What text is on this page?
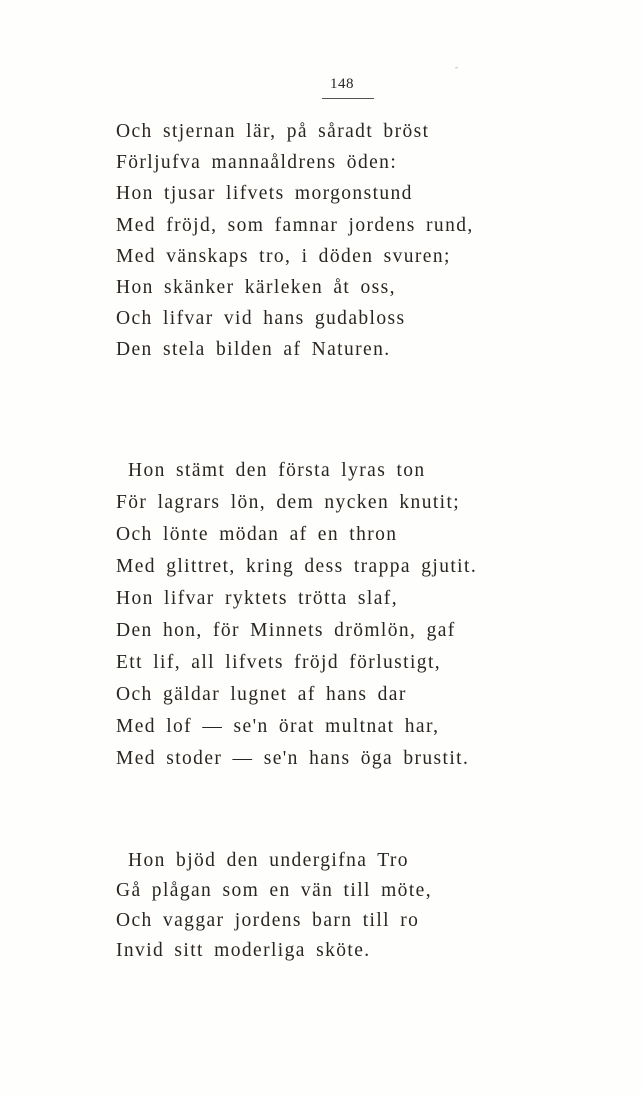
148
-
Och stjernan lär, på såradt bröst
Förljufva mannaåldrens öden:
Hon tjusar lifvets morgonstund
Med fröjd, som famnar jordens rund,
Med vänskaps tro, i döden svuren;
Hon skänker kärleken åt oss,
Och lifvar vid hans gudabloss
Den stela bilden af Naturen.
Hon stämt den första lyras ton
För lagrars lön, dem nycken knutit;
Och lönte mödan af en thron
Med glittret, kring dess trappa gjutit.
Hon lifvar ryktets trötta slaf,
Den hon, för Minnets drömlön, gaf
Ett lif, all lifvets fröjd förlustigt,
Och gäldar lugnet af hans dar
Med lof — se'n örat multnat har,
Med stoder — se'n hans öga brustit.
Hon bjöd den undergifna Tro
Gå plågan som en vän till möte,
Och vaggar jordens barn till ro
Invid sitt moderliga sköte.
